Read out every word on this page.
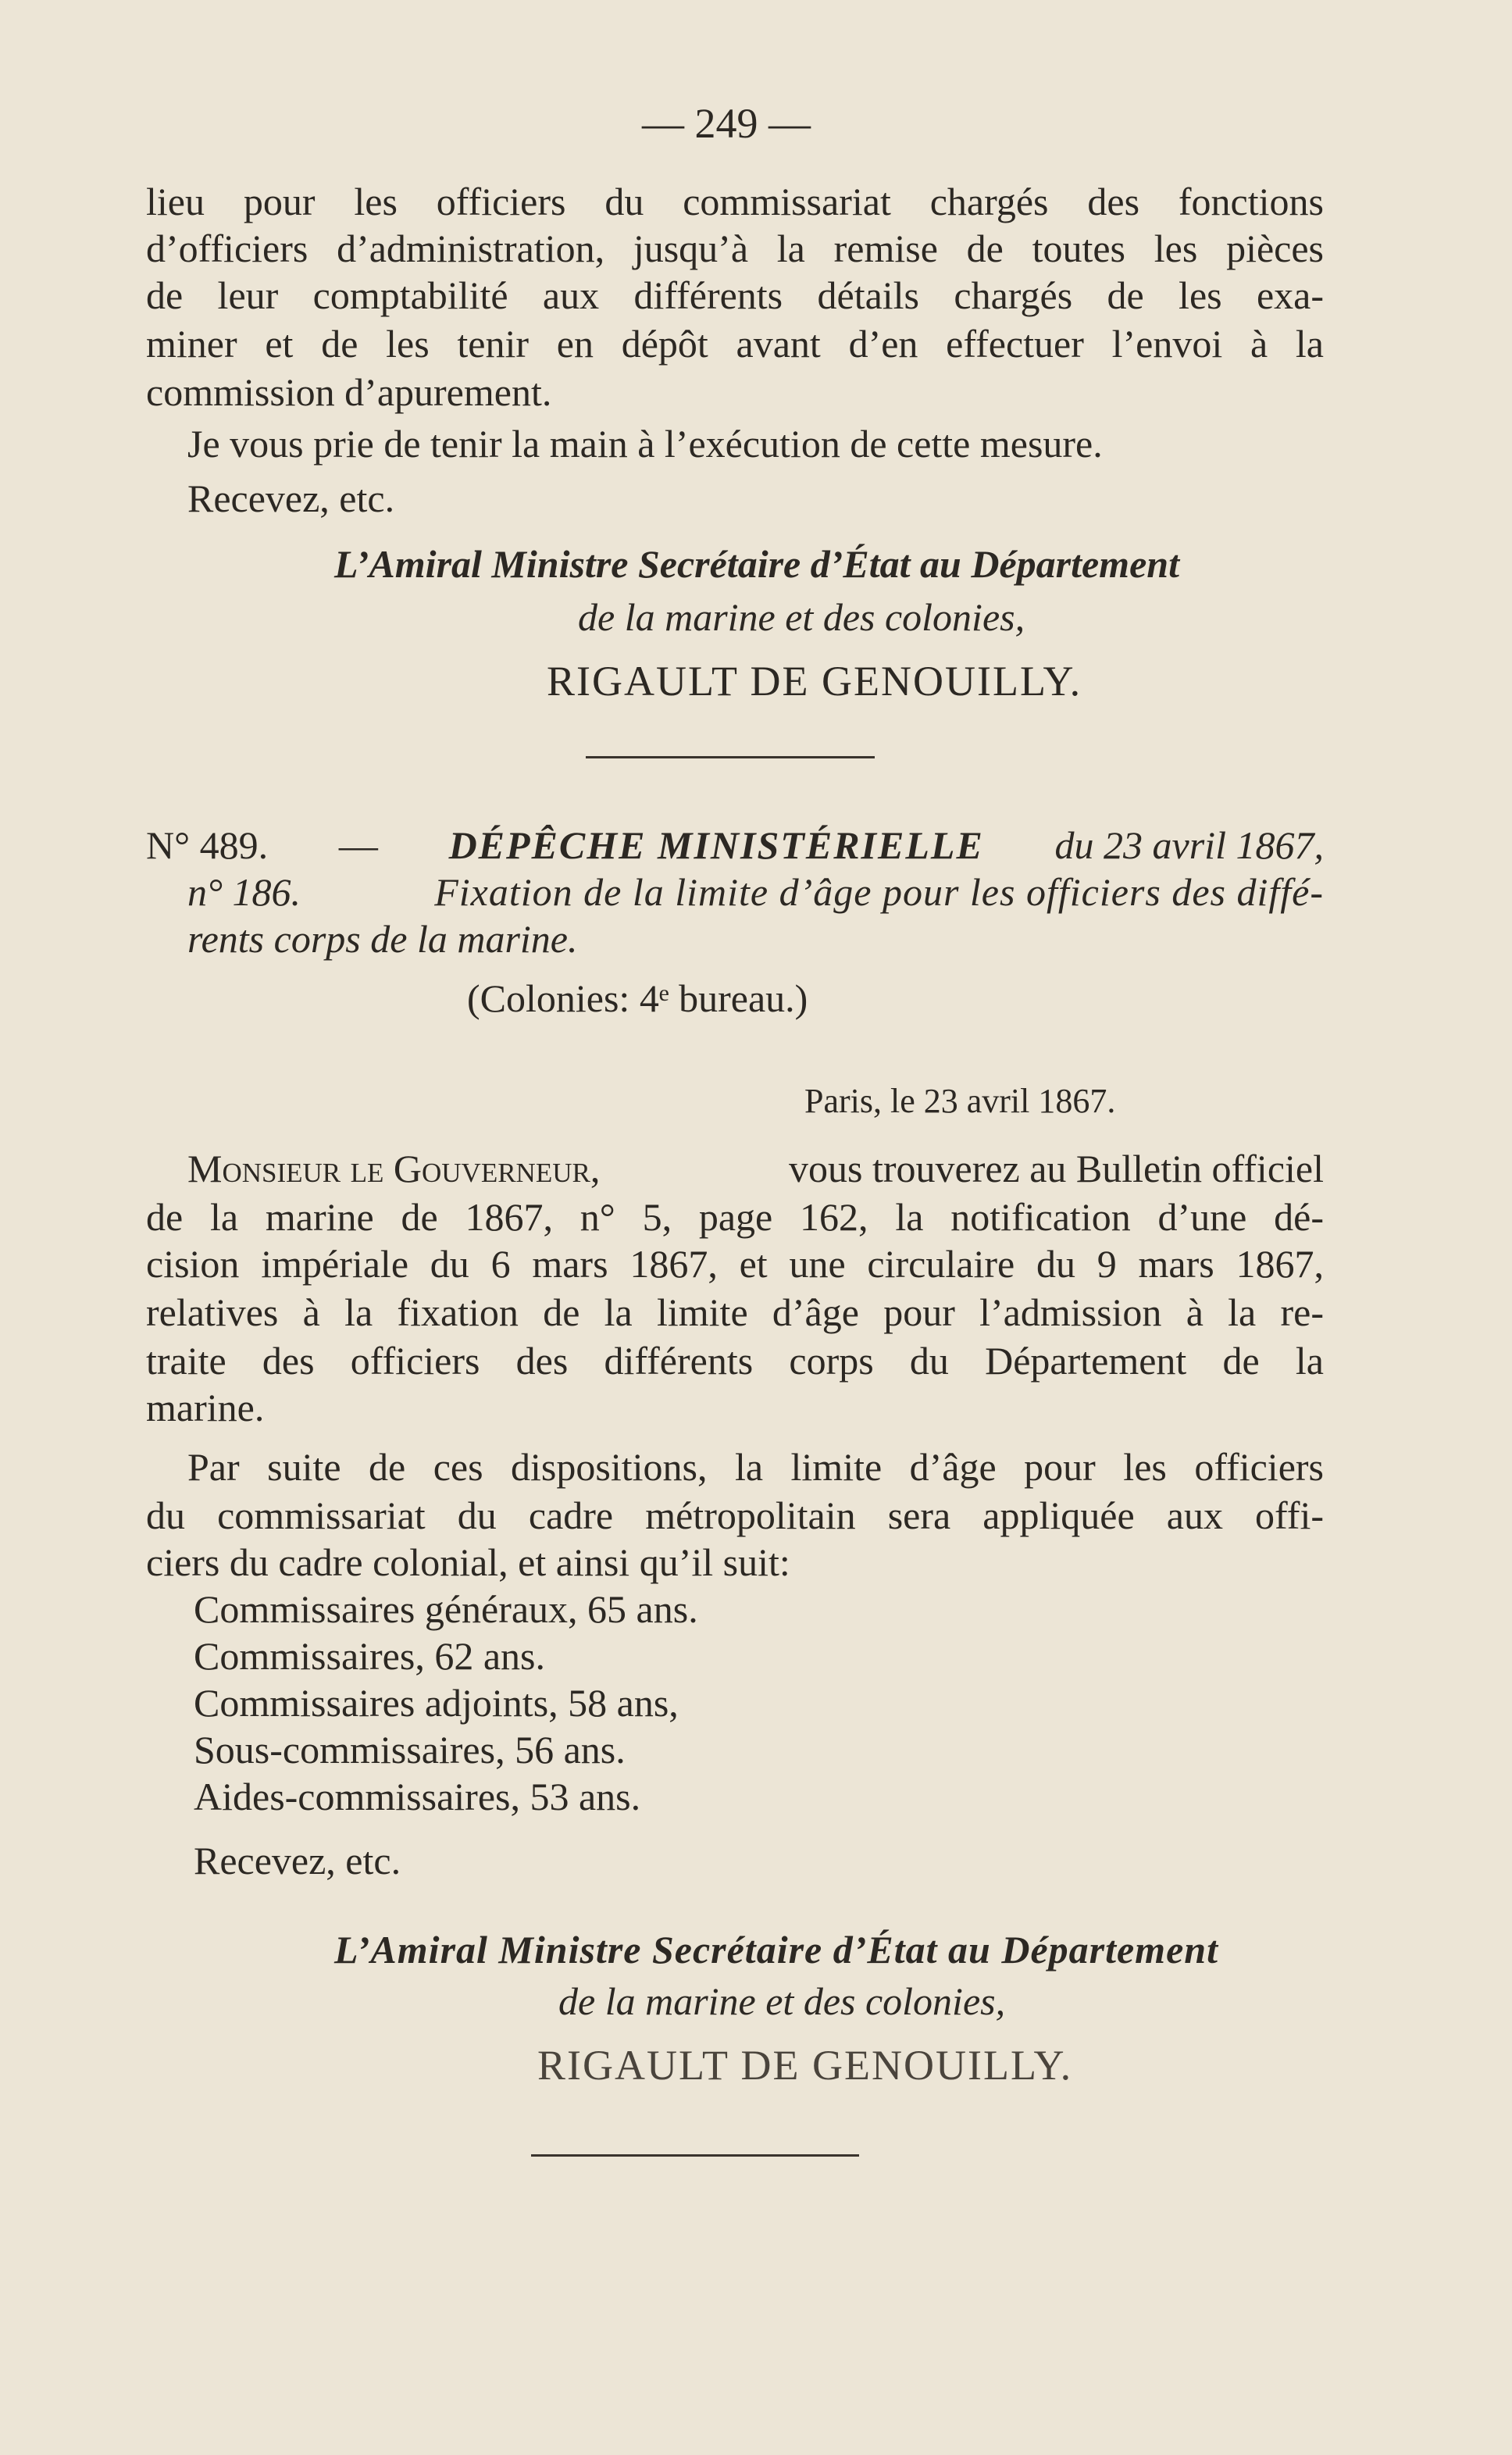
— 249 —
lieu pour les officiers du commissariat chargés des fonctions
d’officiers d’administration, jusqu’à la remise de toutes les pièces
de leur comptabilité aux différents détails chargés de les exa-
miner et de les tenir en dépôt avant d’en effectuer l’envoi à la
commission d’apurement.
Je vous prie de tenir la main à l’exécution de cette mesure.
Recevez, etc.
L’Amiral Ministre Secrétaire d’État au Département
de la marine et des colonies,
RIGAULT DE GENOUILLY.
N° 489. — DÉPÊCHE MINISTÉRIELLE du 23 avril 1867,
n° 186.	Fixation de la limite d’âge pour les officiers des diffé-
rents corps de la marine.
(Colonies: 4ᵉ bureau.)
Paris, le 23 avril 1867.
Monsieur le Gouverneur,	vous trouverez au Bulletin officiel
de la marine de 1867, n° 5, page 162, la notification d’une dé-
cision impériale du 6 mars 1867, et une circulaire du 9 mars 1867,
relatives à la fixation de la limite d’âge pour l’admission à la re-
traite des officiers des différents corps du Département de la
marine.
Par suite de ces dispositions, la limite d’âge pour les officiers
du commissariat du cadre métropolitain sera appliquée aux offi-
ciers du cadre colonial, et ainsi qu’il suit:
Commissaires généraux, 65 ans.
Commissaires, 62 ans.
Commissaires adjoints, 58 ans,
Sous-commissaires, 56 ans.
Aides-commissaires, 53 ans.
Recevez, etc.
L’Amiral Ministre Secrétaire d’État au Département
de la marine et des colonies,
RIGAULT DE GENOUILLY.
